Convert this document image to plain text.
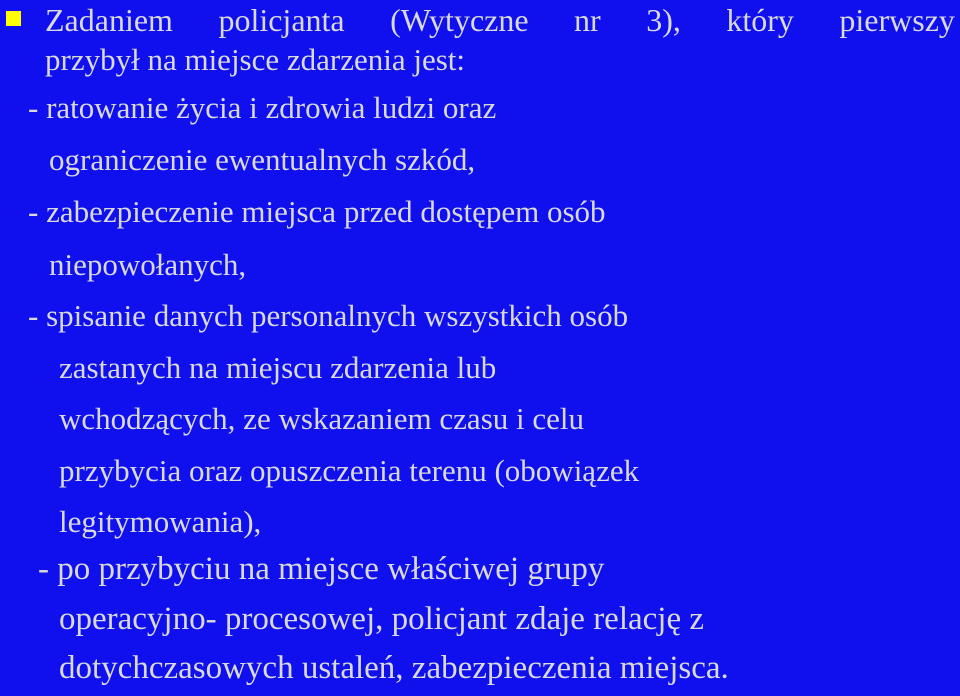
Zadaniem policjanta (Wytyczne nr 3), który pierwszy
przybył na miejsce zdarzenia jest:
- ratowanie życia i zdrowia ludzi oraz
ograniczenie ewentualnych szkód,
- zabezpieczenie miejsca przed dostępem osób
niepowołanych,
- spisanie danych personalnych wszystkich osób
zastanych na miejscu zdarzenia lub
wchodzących, ze wskazaniem czasu i celu
przybycia oraz opuszczenia terenu (obowiązek
legitymowania),
- po przybyciu na miejsce właściwej grupy
operacyjno- procesowej, policjant zdaje relację z
dotychczasowych ustaleń, zabezpieczenia miejsca.
